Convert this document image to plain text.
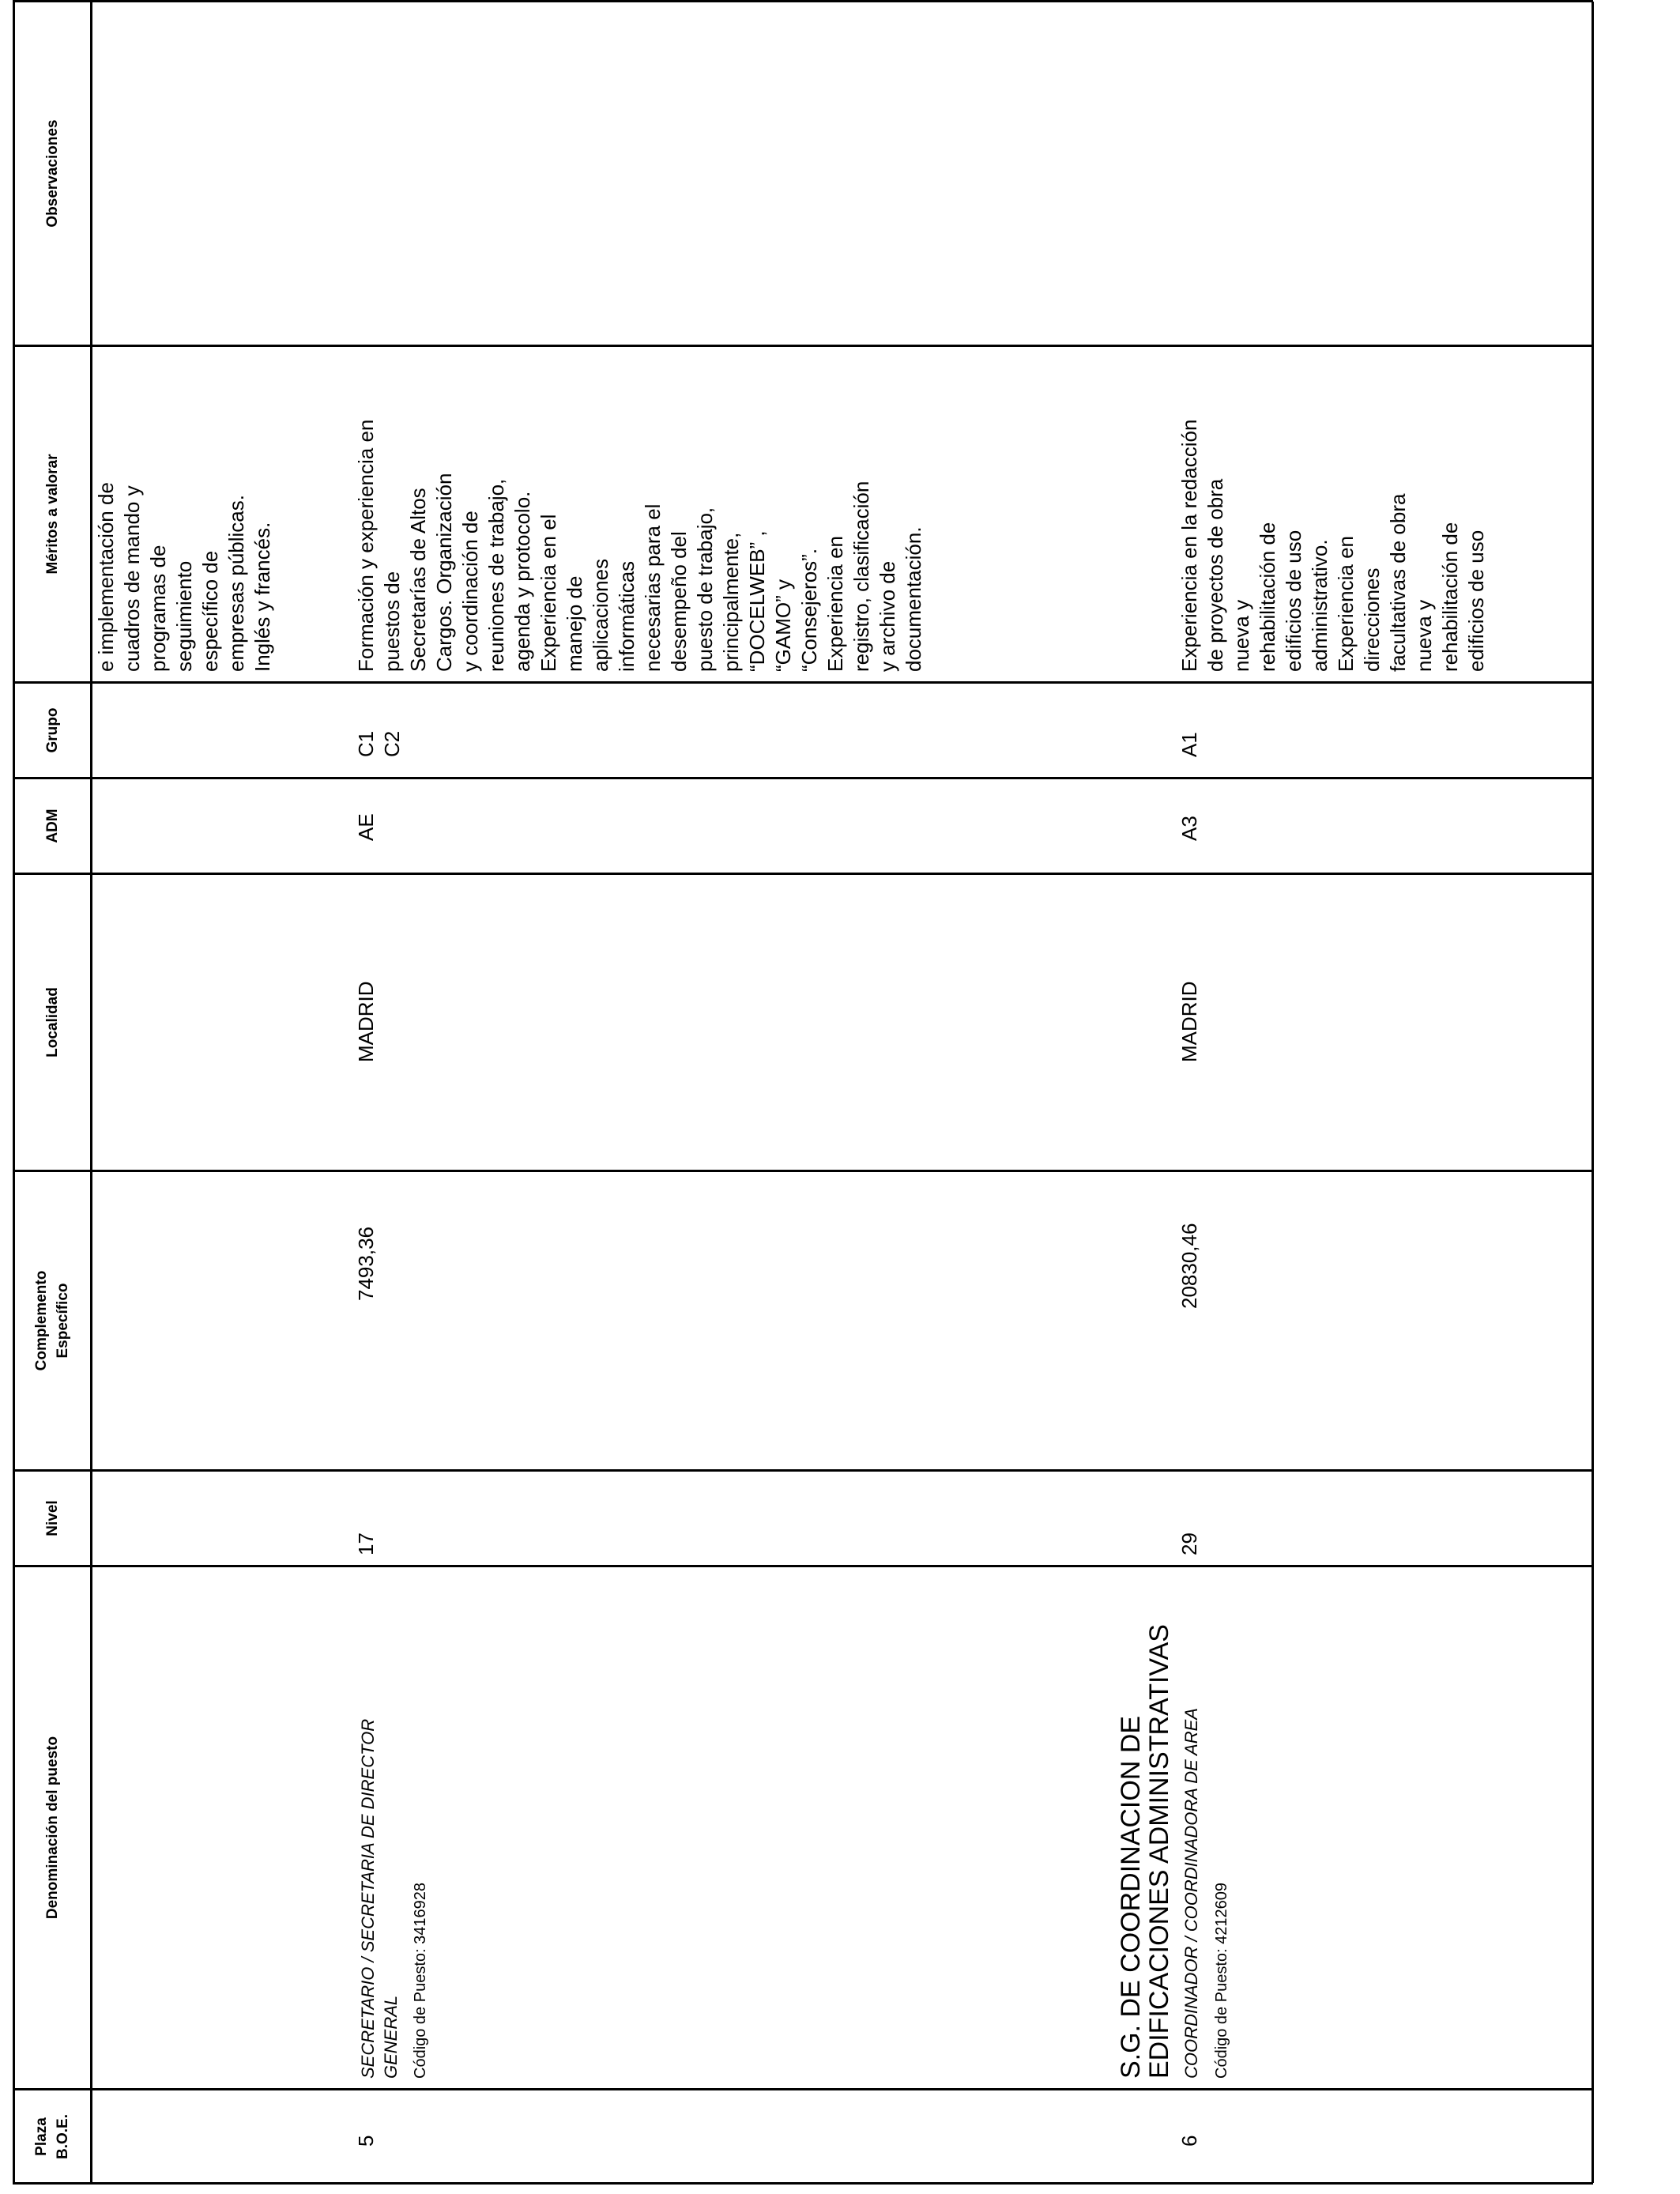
Plaza
B.O.E.
Denominación del puesto
Nivel
Complemento
Específico
Localidad
ADM
Grupo
Méritos a valorar
Observaciones
e implementación de
cuadros de mando y
programas de
seguimiento
específico de
empresas públicas.
Inglés y francés.
5
SECRETARIO / SECRETARIA DE DIRECTOR GENERAL Código de Puesto: 3416928
17
7493,36
MADRID
AE
C1
C2
Formación y experiencia en
puestos de
Secretarías de Altos
Cargos. Organización
y coordinación de
reuniones de trabajo,
agenda y protocolo.
Experiencia en el
manejo de
aplicaciones
informáticas
necesarias para el
desempeño del
puesto de trabajo,
principalmente,
“DOCELWEB” ,
“GAMO” y
“Consejeros”.
Experiencia en
registro, clasificación
y archivo de
documentación.
6
S.G. DE COORDINACION DE
EDIFICACIONES ADMINISTRATIVAS COORDINADOR / COORDINADORA DE AREA Código de Puesto: 4212609
29
20830,46
MADRID
A3
A1
Experiencia en la redacción
de proyectos de obra
nueva y
rehabilitación de
edificios de uso
administrativo.
Experiencia en
direcciones
facultativas de obra
nueva y
rehabilitación de
edificios de uso
